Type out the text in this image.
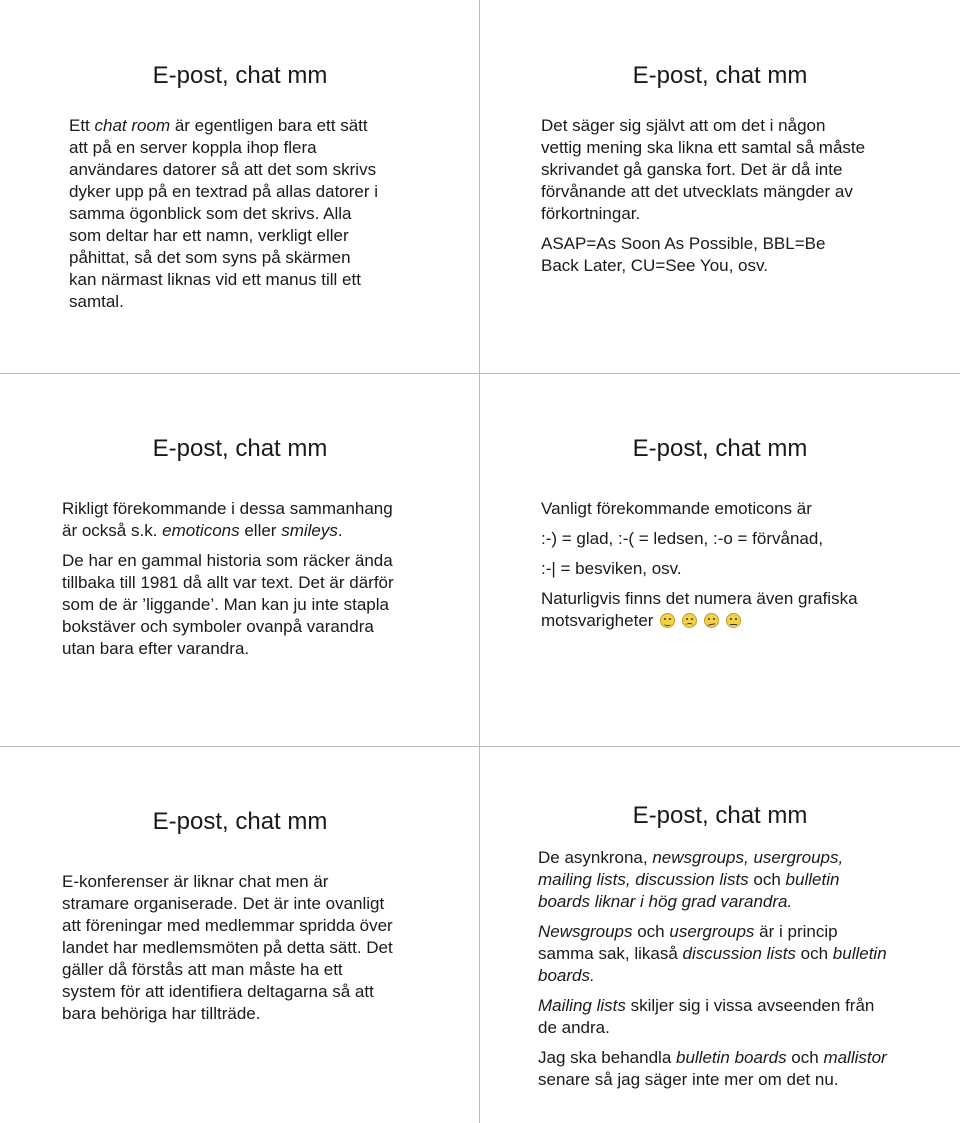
E-post, chat mm

Ett chat room är egentligen bara ett sätt
att på en server koppla ihop flera
användares datorer så att det som skrivs
dyker upp på en textrad på allas datorer i
samma ögonblick som det skrivs. Alla
som deltar har ett namn, verkligt eller
påhittat, så det som syns på skärmen
kan närmast liknas vid ett manus till ett
samtal.

E-post, chat mm

Det säger sig självt att om det i någon
vettig mening ska likna ett samtal så måste
skrivandet gå ganska fort. Det är då inte
förvånande att det utvecklats mängder av
förkortningar.

ASAP=As Soon As Possible, BBL=Be
Back Later, CU=See You, osv.

E-post, chat mm

Rikligt förekommande i dessa sammanhang
är också s.k. emoticons eller smileys.

De har en gammal historia som räcker ända
tillbaka till 1981 då allt var text. Det är därför
som de är ’liggande’. Man kan ju inte stapla
bokstäver och symboler ovanpå varandra
utan bara efter varandra.

E-post, chat mm

Vanligt förekommande emoticons är

:-) = glad, :-( = ledsen, :-o = förvånad,

:-| = besviken, osv.

Naturligvis finns det numera även grafiska
motsvarigheter

E-post, chat mm

E-konferenser är liknar chat men är
stramare organiserade. Det är inte ovanligt
att föreningar med medlemmar spridda över
landet har medlemsmöten på detta sätt. Det
gäller då förstås att man måste ha ett
system för att identifiera deltagarna så att
bara behöriga har tillträde.

E-post, chat mm

De asynkrona, newsgroups, usergroups,
mailing lists, discussion lists och bulletin
boards liknar i hög grad varandra.

Newsgroups och usergroups är i princip
samma sak, likaså discussion lists och bulletin
boards.

Mailing lists skiljer sig i vissa avseenden från
de andra.

Jag ska behandla bulletin boards och mallistor
senare så jag säger inte mer om det nu.
